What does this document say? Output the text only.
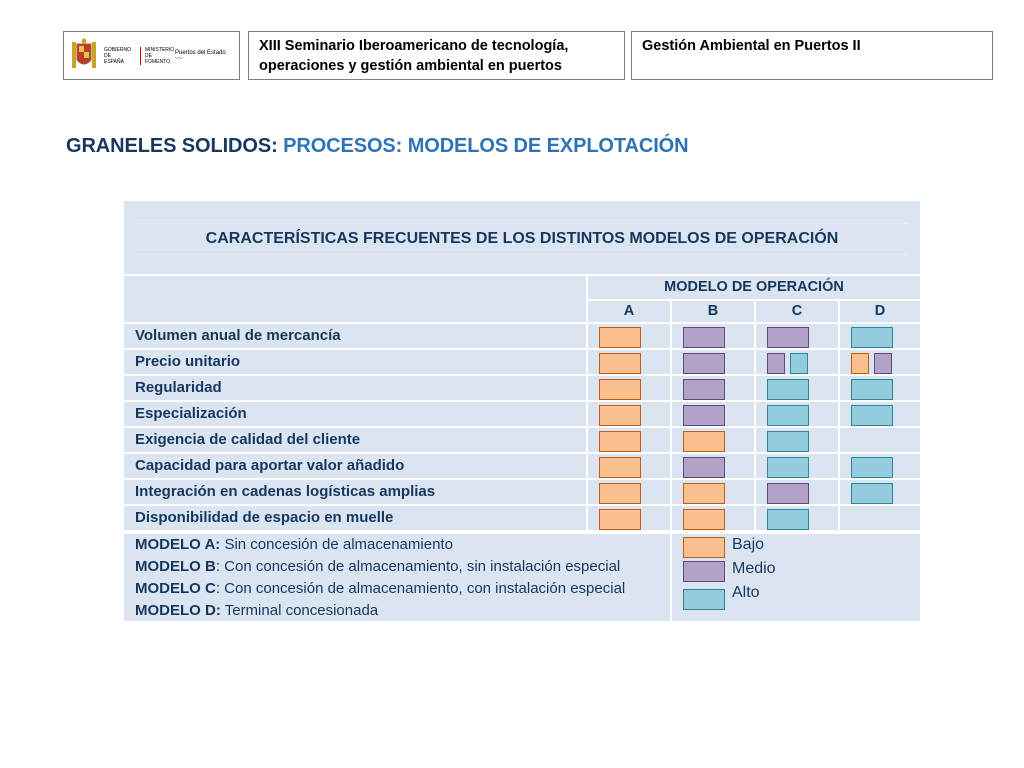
GOBIERNO DE ESPAÑA
MINISTERIO DE FOMENTO
Puertos del Estado
〰
XIII Seminario Iberoamericano de tecnología, operaciones y gestión ambiental en puertos
Gestión Ambiental en Puertos II
GRANELES SOLIDOS: PROCESOS: MODELOS DE EXPLOTACIÓN
CARACTERÍSTICAS FRECUENTES DE LOS DISTINTOS MODELOS DE OPERACIÓN
MODELO DE OPERACIÓN
A	B	C	D
Volumen anual de mercancía
Precio unitario
Regularidad
Especialización
Exigencia de calidad del cliente
Capacidad para aportar valor añadido
Integración en cadenas logísticas amplias
Disponibilidad de espacio en muelle
MODELO A: Sin concesión de almacenamiento
MODELO B: Con concesión de almacenamiento, sin instalación especial
MODELO C: Con concesión de almacenamiento, con instalación especial
MODELO D: Terminal concesionada
Bajo
Medio
Alto
